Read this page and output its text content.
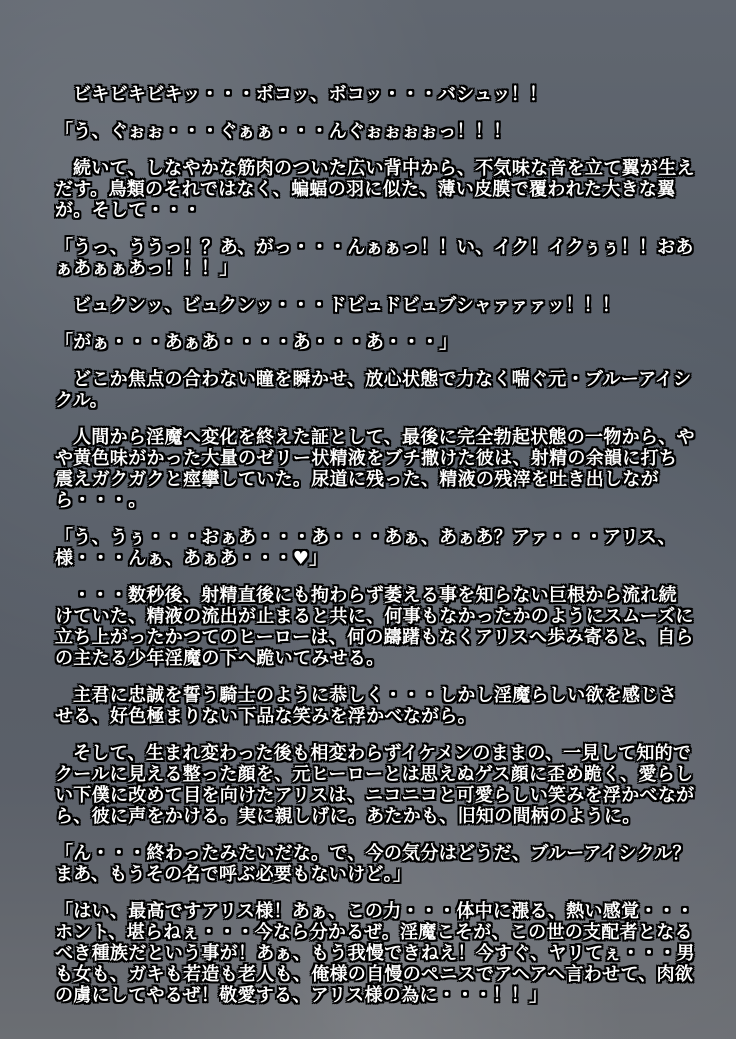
ビキビキビキッ・・・ボコッ、ボコッ・・・バシュッ！！

「う、ぐぉぉ・・・ぐぁぁ・・・んぐぉぉぉぉっ！！！

続いて、しなやかな筋肉のついた広い背中から、不気味な音を立て翼が生えだす。鳥類のそれではなく、蝙蝠の羽に似た、薄い皮膜で覆われた大きな翼が。そして・・・

「うっ、ううっ！？あ、がっ・・・んぁぁっ！！い、イク！イクぅぅ！！おあぁあぁぁあっ！！！」

ビュクンッ、ビュクンッ・・・ドビュドビュブシャァァァッ！！！

「がぁ・・・あぁあ・・・・あ・・・あ・・・」

どこか焦点の合わない瞳を瞬かせ、放心状態で力なく喘ぐ元・ブルーアイシクル。

人間から淫魔へ変化を終えた証として、最後に完全勃起状態の一物から、やや黄色味がかった大量のゼリー状精液をブチ撒けた彼は、射精の余韻に打ち震えガクガクと痙攣していた。尿道に残った、精液の残滓を吐き出しながら・・・。

「う、うぅ・・・おぁあ・・・あ・・・あぁ、あぁあ？アァ・・・アリス、様・・・んぁ、あぁあ・・・♥」

・・・数秒後、射精直後にも拘わらず萎える事を知らない巨根から流れ続けていた、精液の流出が止まると共に、何事もなかったかのようにスムーズに立ち上がったかつてのヒーローは、何の躊躇もなくアリスへ歩み寄ると、自らの主たる少年淫魔の下へ跪いてみせる。

主君に忠誠を誓う騎士のように恭しく・・・しかし淫魔らしい欲を感じさせる、好色極まりない下品な笑みを浮かべながら。

そして、生まれ変わった後も相変わらずイケメンのままの、一見して知的でクールに見える整った顔を、元ヒーローとは思えぬゲス顔に歪め跪く、愛らしい下僕に改めて目を向けたアリスは、ニコニコと可愛らしい笑みを浮かべながら、彼に声をかける。実に親しげに。あたかも、旧知の間柄のように。

「ん・・・終わったみたいだな。で、今の気分はどうだ、ブルーアイシクル？まあ、もうその名で呼ぶ必要もないけど。」

「はい、最高ですアリス様！あぁ、この力・・・体中に漲る、熱い感覚・・・ホント、堪らねぇ・・・今なら分かるぜ。淫魔こそが、この世の支配者となるべき種族だという事が！あぁ、もう我慢できねえ！今すぐ、ヤリてぇ・・・男も女も、ガキも若造も老人も、俺様の自慢のペニスでアヘアヘ言わせて、肉欲の虜にしてやるぜ！敬愛する、アリス様の為に・・・！！」
